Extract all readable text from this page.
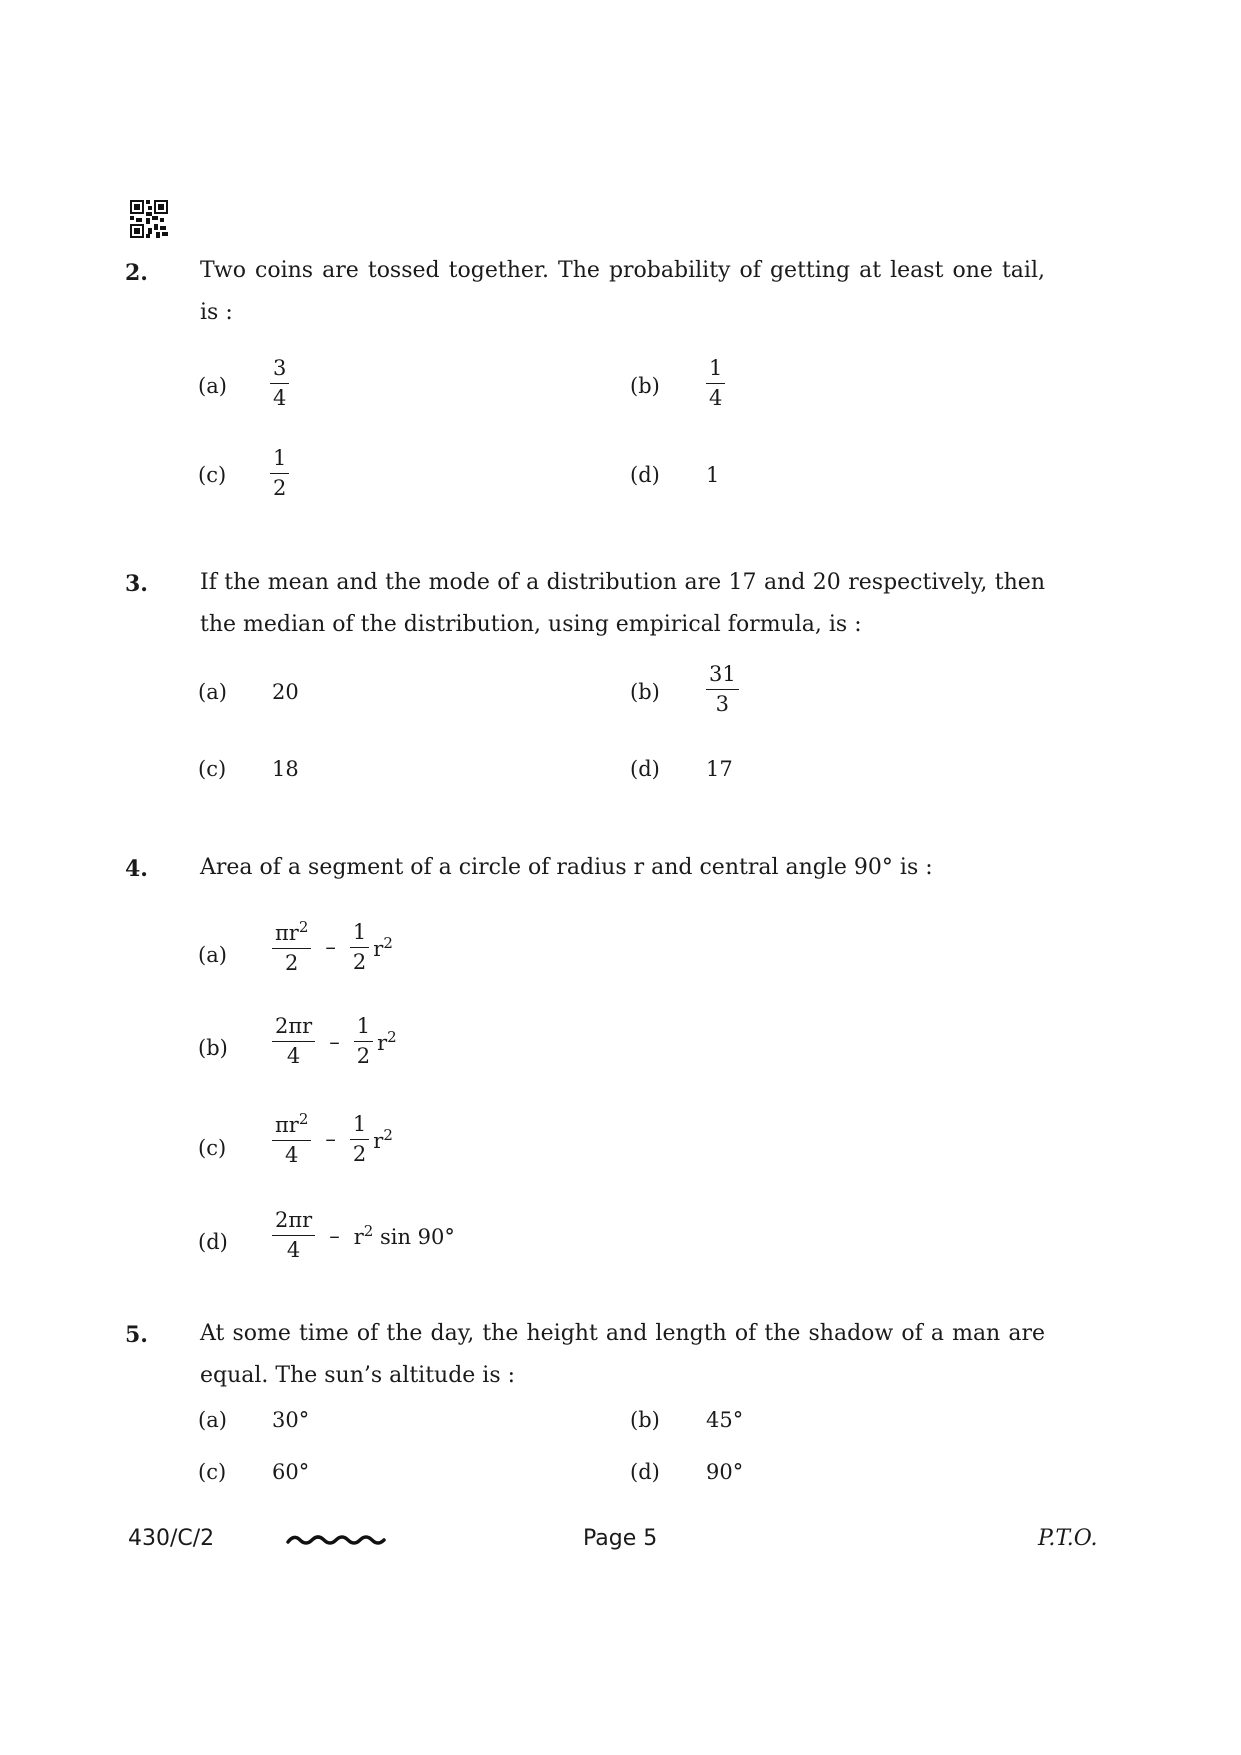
2. Two coins are tossed together. The probability of getting at least one tail, is :
$(a) \frac{3}{4}$	$(b) \frac{1}{4}$
$(c) \frac{1}{2}$	(d) 1
3. If the mean and the mode of a distribution are 17 and 20 respectively, then the median of the distribution, using empirical formula, is :
(a) 20	$(b) \frac{31}{3}$
(c) 18	(d) 17
4. Area of a segment of a circle of radius r and central angle 90° is :
$(a) \frac{\pi r^2}{2} - \frac{1}{2} r^2$
$(b) \frac{2\pi r}{4} - \frac{1}{2} r^2$
$(c) \frac{\pi r^2}{4} - \frac{1}{2} r^2$
$(d) \frac{2\pi r}{4} - r^2$ sin 90°
5. At some time of the day, the height and length of the shadow of a man are equal. The sun’s altitude is :
(a) 30°	(b) 45°
(c) 60°	(d) 90°
430/C/2	Page 5	P.T.O.
